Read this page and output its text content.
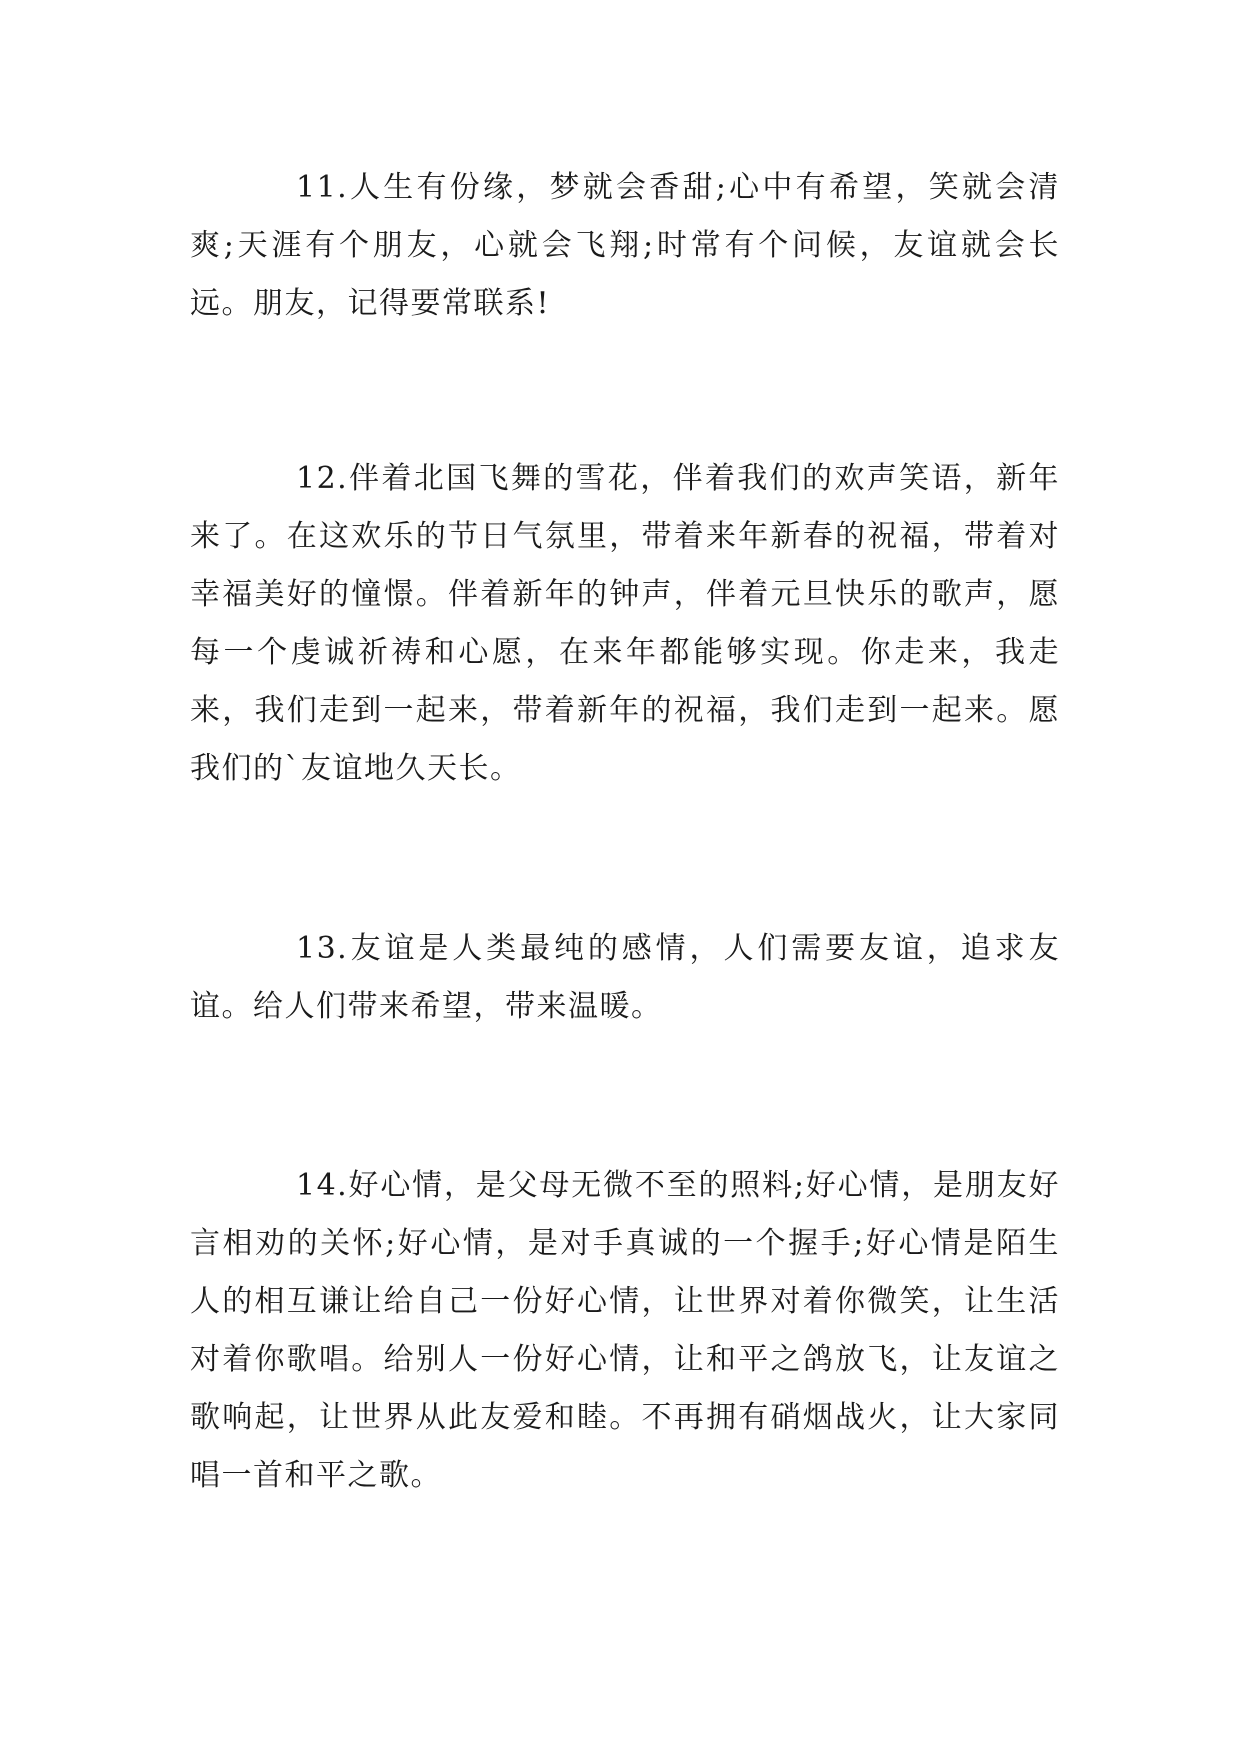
11.人生有份缘，梦就会香甜;心中有希望，笑就会清爽;天涯有个朋友，心就会飞翔;时常有个问候，友谊就会长远。朋友，记得要常联系!

12.伴着北国飞舞的雪花，伴着我们的欢声笑语，新年来了。在这欢乐的节日气氛里，带着来年新春的祝福，带着对幸福美好的憧憬。伴着新年的钟声，伴着元旦快乐的歌声，愿每一个虔诚祈祷和心愿，在来年都能够实现。你走来，我走来，我们走到一起来，带着新年的祝福，我们走到一起来。愿我们的`友谊地久天长。

13.友谊是人类最纯的感情，人们需要友谊，追求友谊。给人们带来希望，带来温暖。

14.好心情，是父母无微不至的照料;好心情，是朋友好言相劝的关怀;好心情，是对手真诚的一个握手;好心情是陌生人的相互谦让给自己一份好心情，让世界对着你微笑，让生活对着你歌唱。给别人一份好心情，让和平之鸽放飞，让友谊之歌响起，让世界从此友爱和睦。不再拥有硝烟战火，让大家同唱一首和平之歌。
